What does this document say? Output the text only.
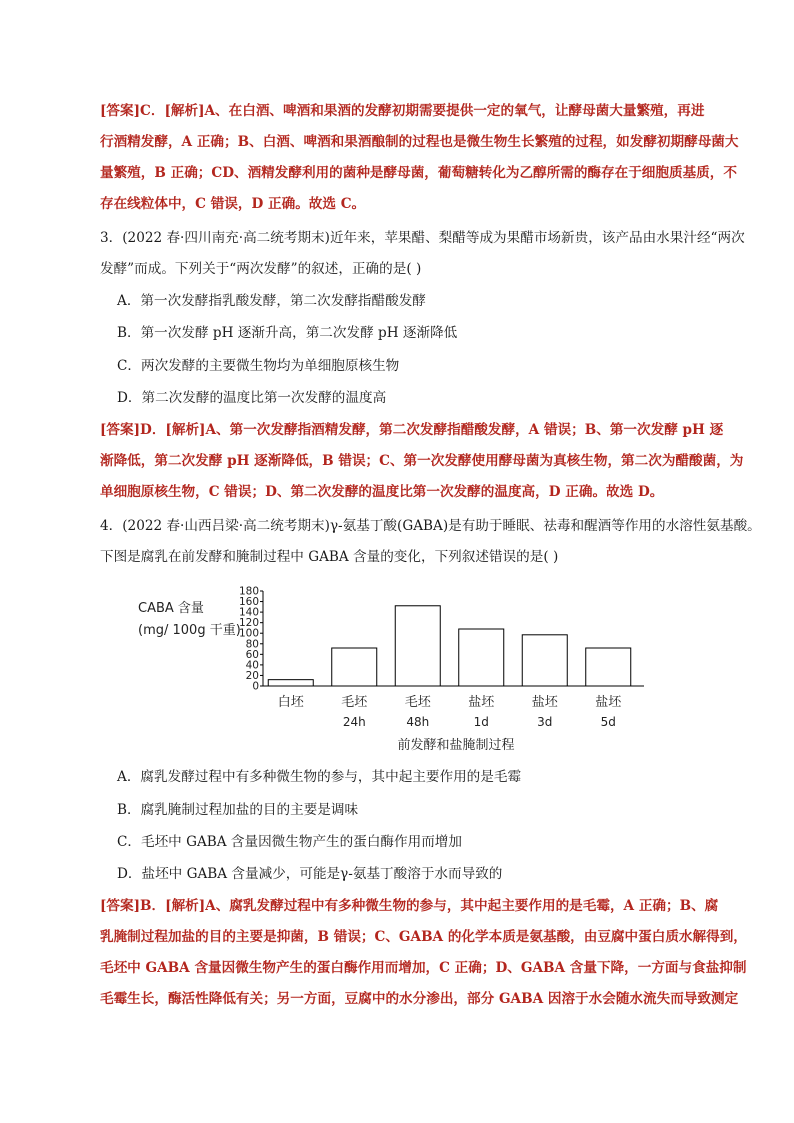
[答案]C．[解析]A、在白酒、啤酒和果酒的发酵初期需要提供一定的氧气，让酵母菌大量繁殖，再进
行酒精发酵，A 正确；B、白酒、啤酒和果酒酿制的过程也是微生物生长繁殖的过程，如发酵初期酵母菌大
量繁殖，B 正确；CD、酒精发酵利用的菌种是酵母菌，葡萄糖转化为乙醇所需的酶存在于细胞质基质，不
存在线粒体中，C 错误，D 正确。故选 C。
3．(2022 春·四川南充·高二统考期末)近年来，苹果醋、梨醋等成为果醋市场新贵，该产品由水果汁经“两次
发酵”而成。下列关于“两次发酵”的叙述，正确的是( )
A．第一次发酵指乳酸发酵，第二次发酵指醋酸发酵
B．第一次发酵 pH 逐渐升高，第二次发酵 pH 逐渐降低
C．两次发酵的主要微生物均为单细胞原核生物
D．第二次发酵的温度比第一次发酵的温度高
[答案]D．[解析]A、第一次发酵指酒精发酵，第二次发酵指醋酸发酵，A 错误；B、第一次发酵 pH 逐
渐降低，第二次发酵 pH 逐渐降低，B 错误；C、第一次发酵使用酵母菌为真核生物，第二次为醋酸菌，为
单细胞原核生物，C 错误；D、第二次发酵的温度比第一次发酵的温度高，D 正确。故选 D。
4．(2022 春·山西吕梁·高二统考期末)γ-氨基丁酸(GABA)是有助于睡眠、祛毒和醒酒等作用的水溶性氨基酸。
下图是腐乳在前发酵和腌制过程中 GABA 含量的变化，下列叙述错误的是( )
CABA 含量
(mg/ 100g 干重)
0
20
40
60
80
100
120
140
160
180
白坯	毛坯
24h
毛坯
48h
盐坯
1d
盐坯
3d
盐坯
5d
前发酵和盐腌制过程
A．腐乳发酵过程中有多种微生物的参与，其中起主要作用的是毛霉
B．腐乳腌制过程加盐的目的主要是调味
C．毛坯中 GABA 含量因微生物产生的蛋白酶作用而增加
D．盐坯中 GABA 含量减少，可能是γ-氨基丁酸溶于水而导致的
[答案]B．[解析]A、腐乳发酵过程中有多种微生物的参与，其中起主要作用的是毛霉，A 正确；B、腐
乳腌制过程加盐的目的主要是抑菌，B 错误；C、GABA 的化学本质是氨基酸，由豆腐中蛋白质水解得到，
毛坯中 GABA 含量因微生物产生的蛋白酶作用而增加，C 正确；D、GABA 含量下降，一方面与食盐抑制
毛霉生长，酶活性降低有关；另一方面，豆腐中的水分渗出，部分 GABA 因溶于水会随水流失而导致测定
